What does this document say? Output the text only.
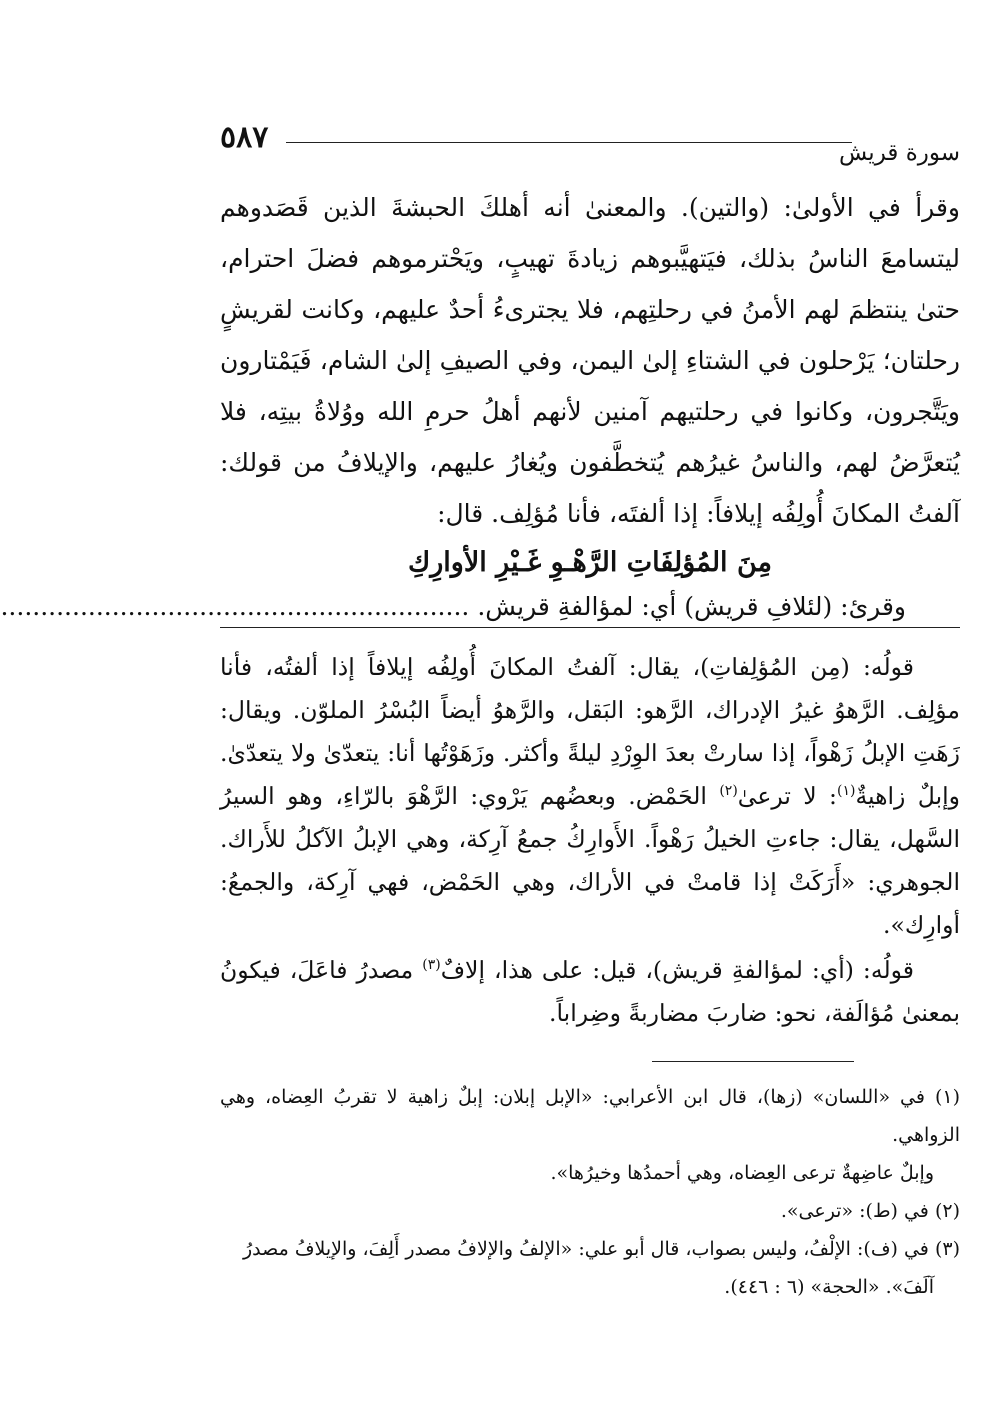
٥٨٧	سورة قريش

وقرأ في الأولىٰ: (والتين). والمعنىٰ أنه أهلكَ الحبشةَ الذين قَصَدوهم ليتسامعَ الناسُ بذلك، فيَتهيَّبوهم زيادةَ تهيبٍ، ويَحْترموهم فضلَ احترام، حتىٰ ينتظمَ لهم الأمنُ في رحلتِهم، فلا يجترىءُ أحدٌ عليهم، وكانت لقريشٍ رحلتان؛ يَرْحلون في الشتاءِ إلىٰ اليمن، وفي الصيفِ إلىٰ الشام، فَيَمْتارون ويَتَّجرون، وكانوا في رحلتيهم آمنين لأنهم أهلُ حرمِ الله ووُلاةُ بيتِه، فلا يُتعرَّضُ لهم، والناسُ غيرُهم يُتخطَّفون ويُغارُ عليهم، والإيلافُ من قولك: آلفتُ المكانَ أُولِفُه إيلافاً: إذا ألفتَه، فأنا مُؤلِف. قال:

مِنَ المُؤلِفَاتِ الرَّهْـوِ غَـيْرِ الأوارِكِ

وقرئ: (لئلافِ قريش) أي: لمؤالفةِ قريش. ...........................................................

قولُه: (مِن المُؤلِفاتِ)، يقال: آلفتُ المكانَ أُولِفُه إيلافاً إذا ألفتُه، فأنا مؤلِف. الرَّهوُ غيرُ الإدراك، الرَّهو: البَقل، والرَّهوُ أيضاً البُسْرُ الملوّن. ويقال: زَهَتِ الإبلُ زَهْواً، إذا سارتْ بعدَ الوِرْدِ ليلةً وأكثر. وزَهَوْتُها أنا: يتعدّىٰ ولا يتعدّىٰ. وإبلٌ زاهيةٌ$^{(١)}$: لا ترعىٰ$^{(٢)}$ الحَمْض. وبعضُهم يَرْوي: الرَّهْوَ بالرّاءِ، وهو السيرُ السَّهل، يقال: جاءتِ الخيلُ رَهْواً. الأَوارِكُ جمعُ آرِكة، وهي الإبلُ الآكلُ للأَراك. الجوهري: «أَرَكَتْ إذا قامتْ في الأراك، وهي الحَمْض، فهي آرِكة، والجمعُ: أوارِك».

قولُه: (أي: لمؤالفةِ قريش)، قيل: على هذا، إلافٌ$^{(٣)}$ مصدرُ فاعَلَ، فيكونُ بمعنىٰ مُؤالَفة، نحو: ضاربَ مضاربةً وضِراباً.

(١) في «اللسان» (زها)، قال ابن الأعرابي: «الإبل إبلان: إبلٌ زاهية لا تقربُ العِضاه، وهي الزواهي.
وإبلٌ عاضِهةٌ ترعى العِضاه، وهي أحمدُها وخيرُها».

(٢) في (ط): «ترعى».

(٣) في (ف): الإلْفُ، وليس بصواب، قال أبو علي: «الإلفُ والإلافُ مصدر أَلِفَ، والإيلافُ مصدرُ
آلَفَ». «الحجة» (٦ : ٤٤٦).
